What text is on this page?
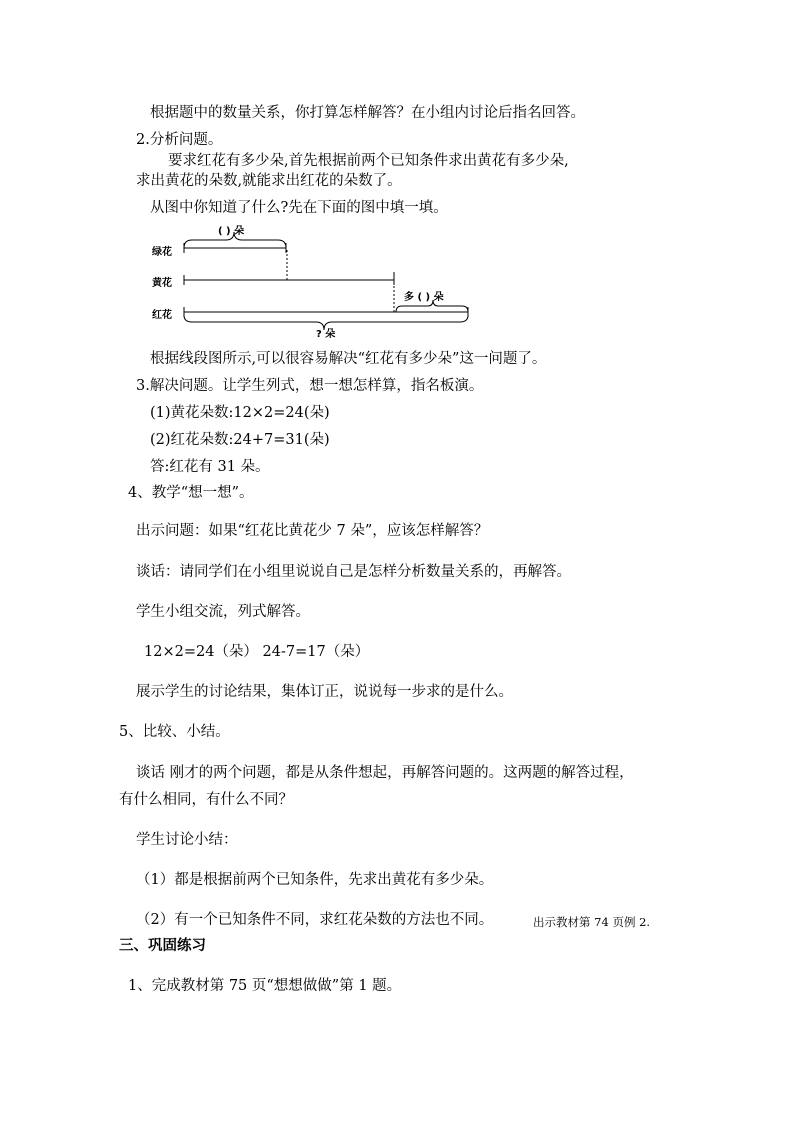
根据题中的数量关系，你打算怎样解答？在小组内讨论后指名回答。
2.分析问题。
要求红花有多少朵,首先根据前两个已知条件求出黄花有多少朵,
求出黄花的朵数,就能求出红花的朵数了。
从图中你知道了什么?先在下面的图中填一填。
绿花
黄花
红花
( ) 朵
多 ( ) 朵
? 朵
根据线段图所示,可以很容易解决“红花有多少朵”这一问题了。
3.解决问题。让学生列式，想一想怎样算，指名板演。
(1)黄花朵数:12×2=24(朵)
(2)红花朵数:24+7=31(朵)
答:红花有 31 朵。
4、教学“想一想”。
出示问题：如果“红花比黄花少 7 朵”，应该怎样解答？
谈话：请同学们在小组里说说自己是怎样分析数量关系的，再解答。
学生小组交流，列式解答。
12×2=24（朵） 24-7=17（朵）
展示学生的讨论结果，集体订正，说说每一步求的是什么。
5、比较、小结。
谈话 刚才的两个问题，都是从条件想起，再解答问题的。这两题的解答过程，
有什么相同，有什么不同？
学生讨论小结：
（1）都是根据前两个已知条件，先求出黄花有多少朵。
（2）有一个已知条件不同，求红花朵数的方法也不同。	出示教材第 74 页例 2.
三、巩固练习
1、完成教材第 75 页“想想做做”第 1 题。
